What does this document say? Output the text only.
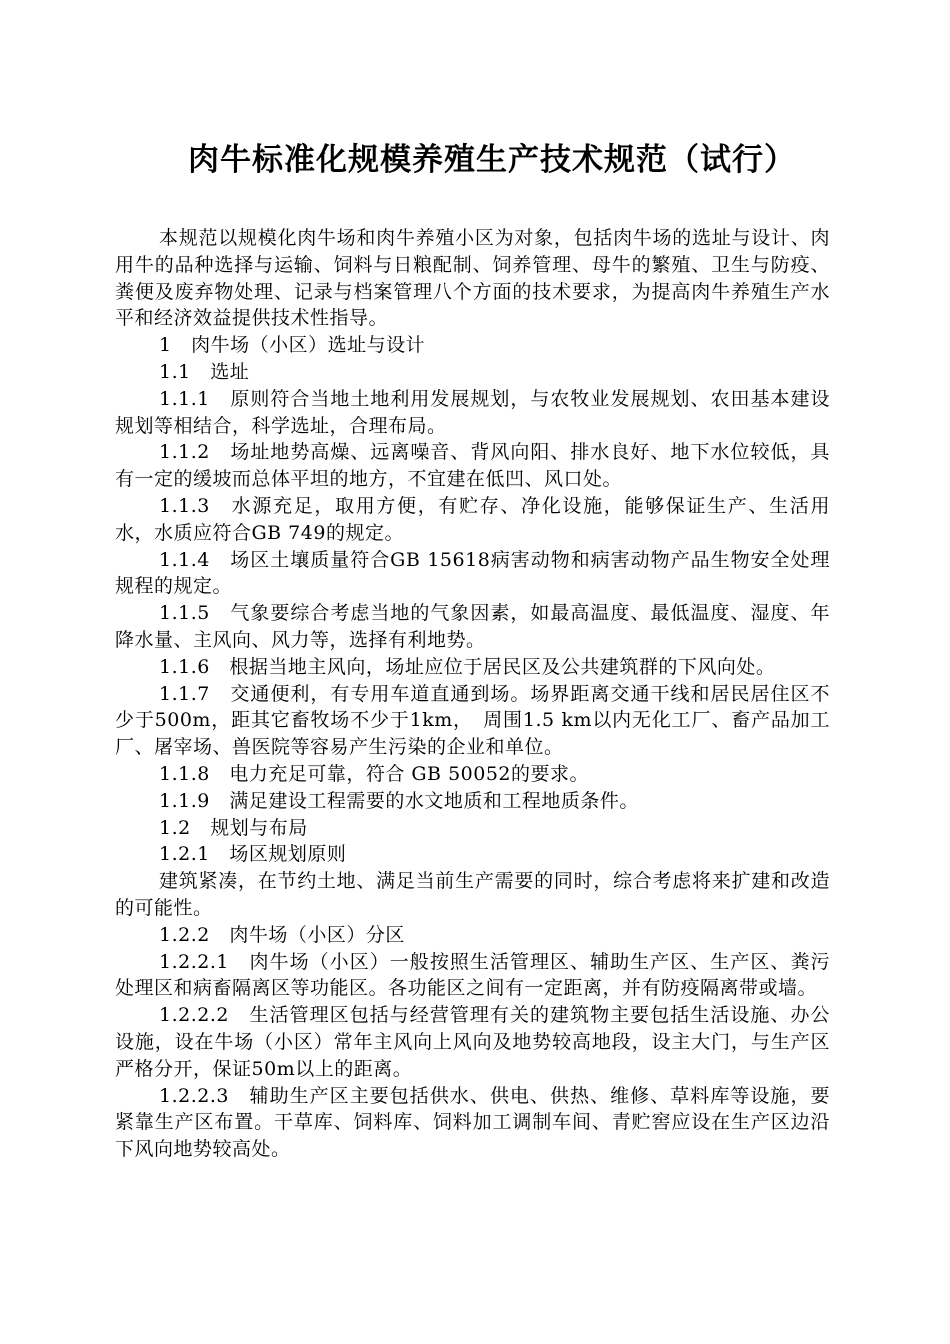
肉牛标准化规模养殖生产技术规范（试行）

本规范以规模化肉牛场和肉牛养殖小区为对象，包括肉牛场的选址与设计、肉用牛的品种选择与运输、饲料与日粮配制、饲养管理、母牛的繁殖、卫生与防疫、粪便及废弃物处理、记录与档案管理八个方面的技术要求，为提高肉牛养殖生产水平和经济效益提供技术性指导。

1　肉牛场（小区）选址与设计

1.1　选址

1.1.1　原则符合当地土地利用发展规划，与农牧业发展规划、农田基本建设规划等相结合，科学选址，合理布局。

1.1.2　场址地势高燥、远离噪音、背风向阳、排水良好、地下水位较低，具有一定的缓坡而总体平坦的地方，不宜建在低凹、风口处。

1.1.3　水源充足，取用方便，有贮存、净化设施，能够保证生产、生活用水，水质应符合GB 749的规定。

1.1.4　场区土壤质量符合GB 15618病害动物和病害动物产品生物安全处理规程的规定。

1.1.5　气象要综合考虑当地的气象因素，如最高温度、最低温度、湿度、年降水量、主风向、风力等，选择有利地势。

1.1.6　根据当地主风向，场址应位于居民区及公共建筑群的下风向处。

1.1.7　交通便利，有专用车道直通到场。场界距离交通干线和居民居住区不少于500m，距其它畜牧场不少于1km，　周围1.5 km以内无化工厂、畜产品加工厂、屠宰场、兽医院等容易产生污染的企业和单位。

1.1.8　电力充足可靠，符合 GB 50052的要求。

1.1.9　满足建设工程需要的水文地质和工程地质条件。

1.2　规划与布局

1.2.1　场区规划原则

建筑紧凑，在节约土地、满足当前生产需要的同时，综合考虑将来扩建和改造的可能性。

1.2.2　肉牛场（小区）分区

1.2.2.1　肉牛场（小区）一般按照生活管理区、辅助生产区、生产区、粪污处理区和病畜隔离区等功能区。各功能区之间有一定距离，并有防疫隔离带或墙。

1.2.2.2　生活管理区包括与经营管理有关的建筑物主要包括生活设施、办公设施，设在牛场（小区）常年主风向上风向及地势较高地段，设主大门，与生产区严格分开，保证50m以上的距离。

1.2.2.3　辅助生产区主要包括供水、供电、供热、维修、草料库等设施，要紧靠生产区布置。干草库、饲料库、饲料加工调制车间、青贮窖应设在生产区边沿下风向地势较高处。
